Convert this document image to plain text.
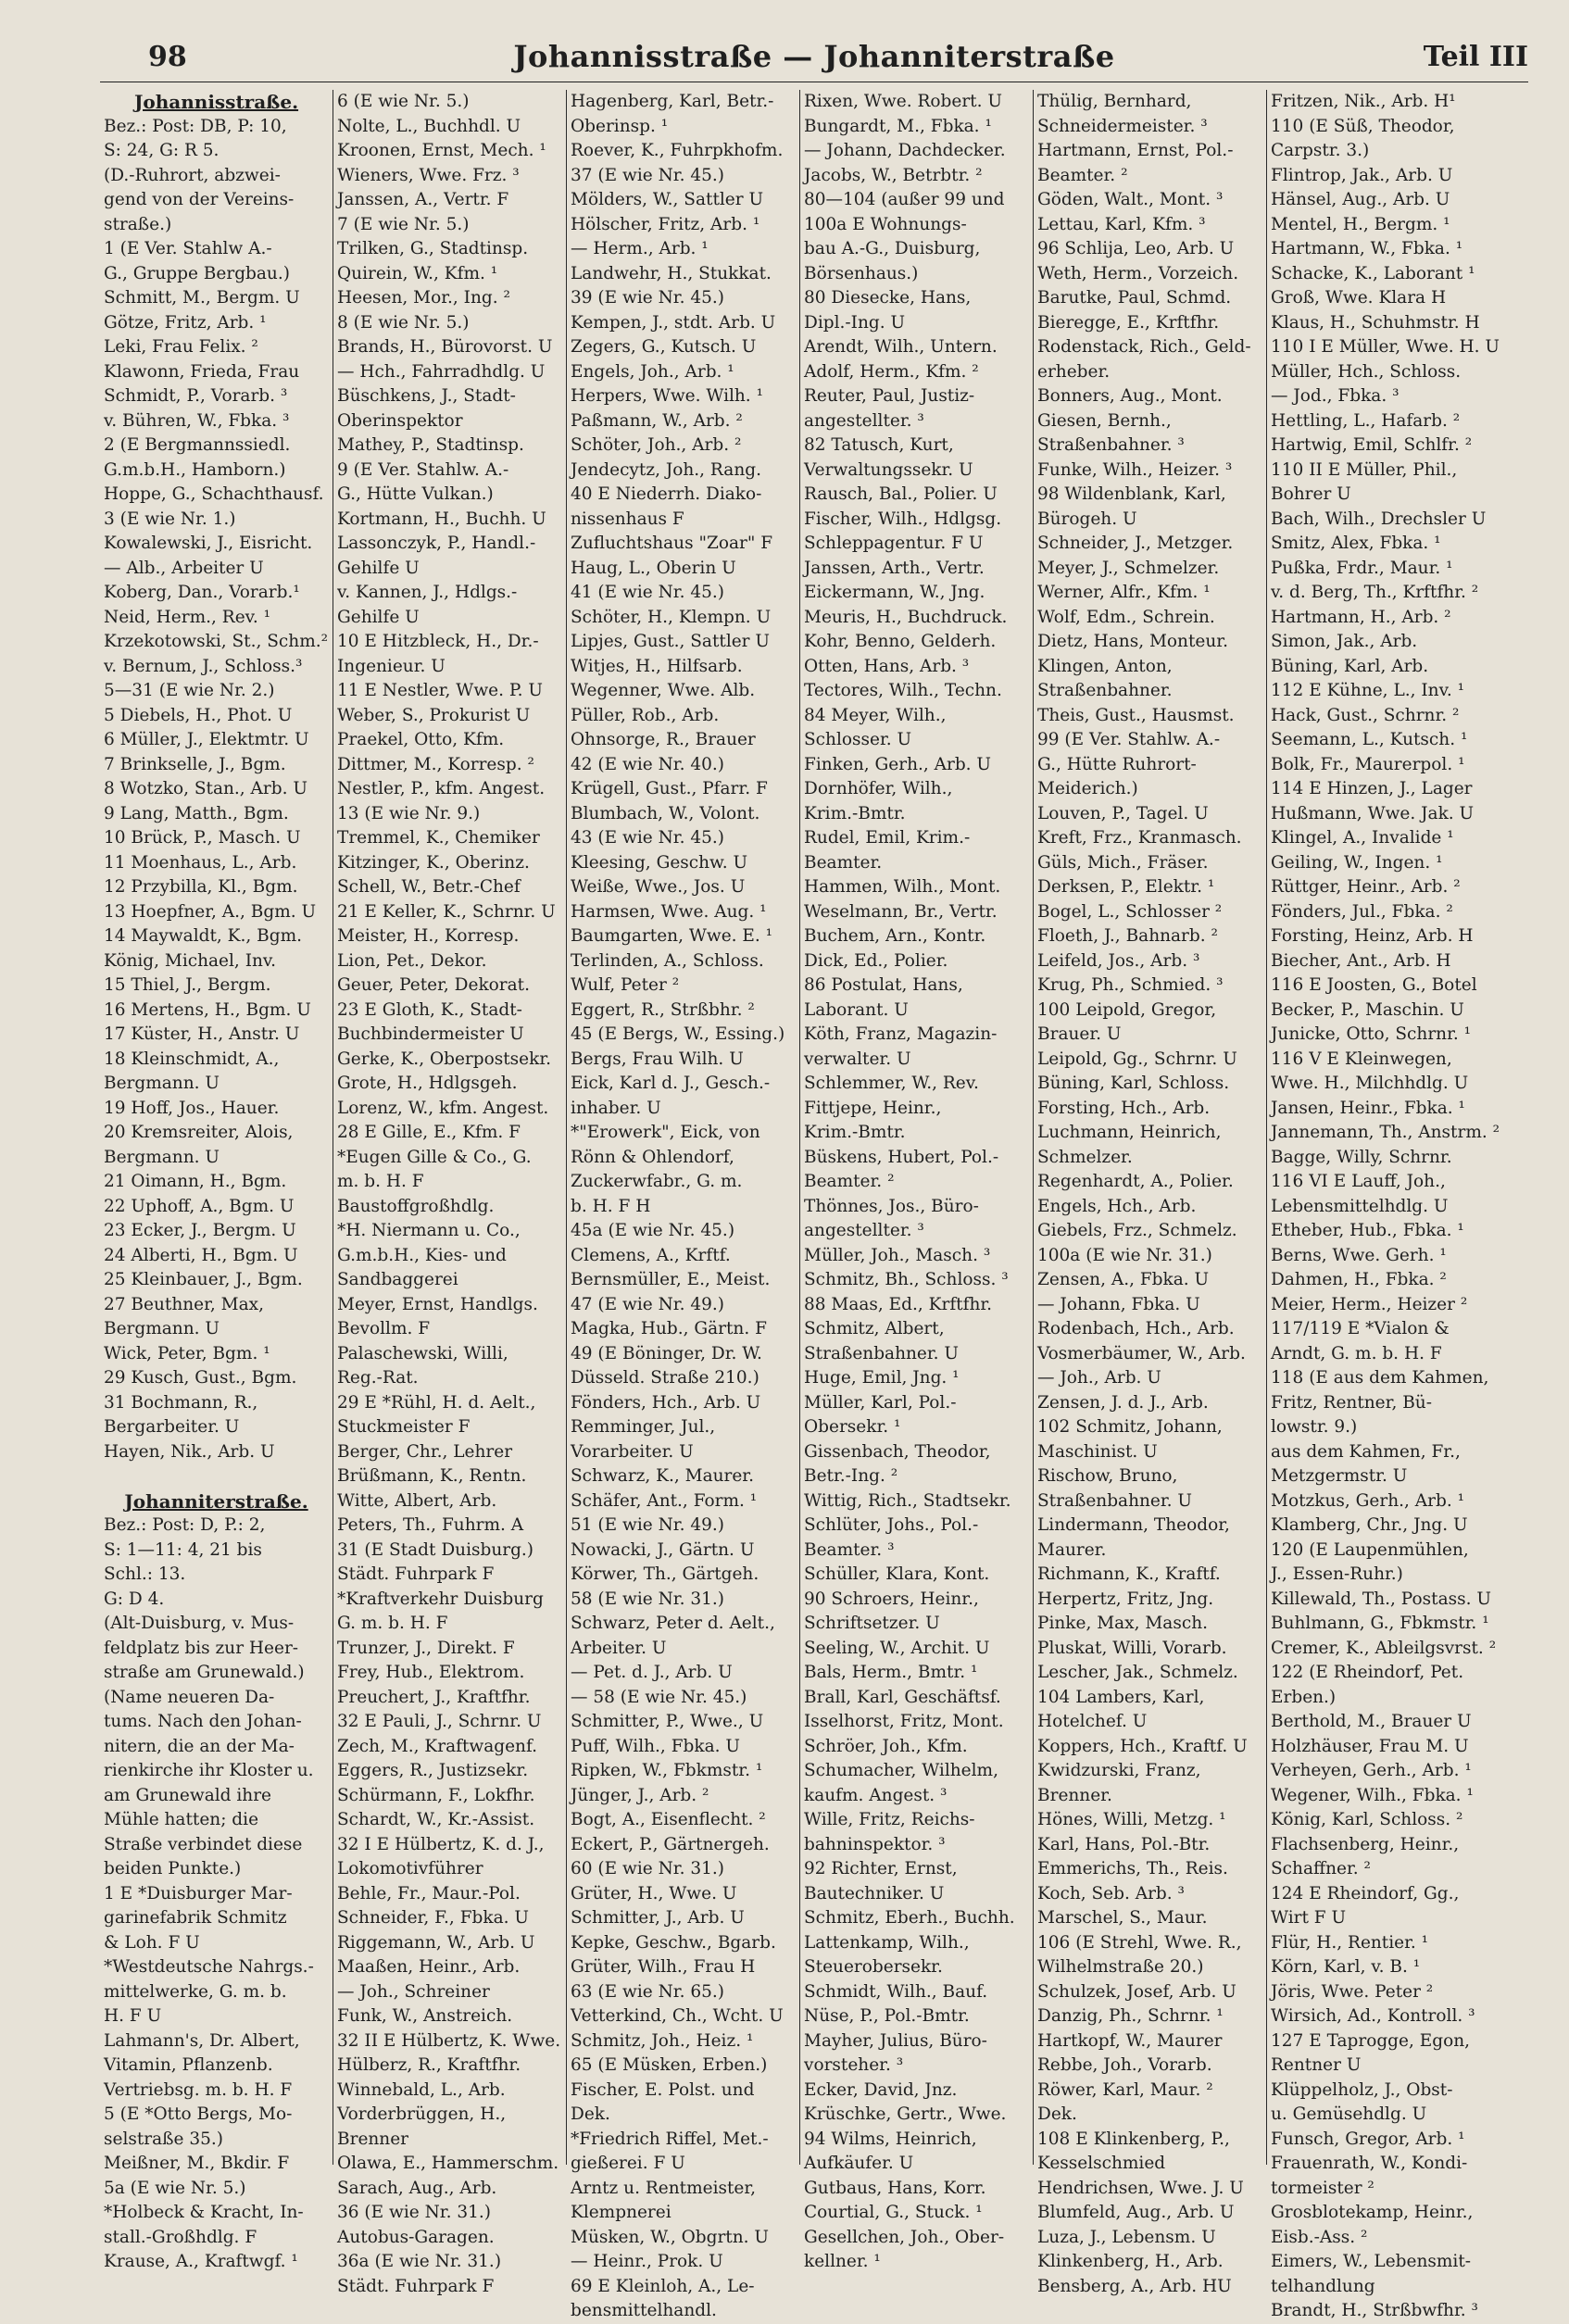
98	Johannisstraße — Johanniterstraße	Teil III
Johannisstraße.
Bez.: Post: DB, P: 10,
S: 24, G: R 5.
(D.-Ruhrort, abzwei-
gend von der Vereins-
straße.)
1 (E Ver. Stahlw A.-
G., Gruppe Bergbau.)
Schmitt, M., Bergm. U
Götze, Fritz, Arb. ¹
Leki, Frau Felix. ²
Klawonn, Frieda, Frau
Schmidt, P., Vorarb. ³
v. Bühren, W., Fbka. ³
2 (E Bergmannssiedl.
G.m.b.H., Hamborn.)
Hoppe, G., Schachthausf.
3 (E wie Nr. 1.)
Kowalewski, J., Eisricht.
— Alb., Arbeiter U
Koberg, Dan., Vorarb.¹
Neid, Herm., Rev. ¹
Krzekotowski, St., Schm.²
v. Bernum, J., Schloss.³
5—31 (E wie Nr. 2.)
5 Diebels, H., Phot. U
6 Müller, J., Elektmtr. U
7 Brinkselle, J., Bgm.
8 Wotzko, Stan., Arb. U
9 Lang, Matth., Bgm.
10 Brück, P., Masch. U
11 Moenhaus, L., Arb.
12 Przybilla, Kl., Bgm.
13 Hoepfner, A., Bgm. U
14 Maywaldt, K., Bgm.
König, Michael, Inv.
15 Thiel, J., Bergm.
16 Mertens, H., Bgm. U
17 Küster, H., Anstr. U
18 Kleinschmidt, A.,
Bergmann. U
19 Hoff, Jos., Hauer.
20 Kremsreiter, Alois,
Bergmann. U
21 Oimann, H., Bgm.
22 Uphoff, A., Bgm. U
23 Ecker, J., Bergm. U
24 Alberti, H., Bgm. U
25 Kleinbauer, J., Bgm.
27 Beuthner, Max,
Bergmann. U
Wick, Peter, Bgm. ¹
29 Kusch, Gust., Bgm.
31 Bochmann, R.,
Bergarbeiter. U
Hayen, Nik., Arb. U
Johanniterstraße.
Bez.: Post: D, P.: 2,
S: 1—11: 4, 21 bis
Schl.: 13.
G: D 4.
(Alt-Duisburg, v. Mus-
feldplatz bis zur Heer-
straße am Grunewald.)
(Name neueren Da-
tums. Nach den Johan-
nitern, die an der Ma-
rienkirche ihr Kloster u.
am Grunewald ihre
Mühle hatten; die
Straße verbindet diese
beiden Punkte.)
1 E *Duisburger Mar-
garinefabrik Schmitz
& Loh. F U
*Westdeutsche Nahrgs.-
mittelwerke, G. m. b.
H. F U
Lahmann's, Dr. Albert,
Vitamin, Pflanzenb.
Vertriebsg. m. b. H. F
5 (E *Otto Bergs, Mo-
selstraße 35.)
Meißner, M., Bkdir. F
5a (E wie Nr. 5.)
*Holbeck & Kracht, In-
stall.-Großhdlg. F
Krause, A., Kraftwgf. ¹
6 (E wie Nr. 5.)
Nolte, L., Buchhdl. U
Kroonen, Ernst, Mech. ¹
Wieners, Wwe. Frz. ³
Janssen, A., Vertr. F
7 (E wie Nr. 5.)
Trilken, G., Stadtinsp.
Quirein, W., Kfm. ¹
Heesen, Mor., Ing. ²
8 (E wie Nr. 5.)
Brands, H., Bürovorst. U
— Hch., Fahrradhdlg. U
Büschkens, J., Stadt-
Oberinspektor
Mathey, P., Stadtinsp.
9 (E Ver. Stahlw. A.-
G., Hütte Vulkan.)
Kortmann, H., Buchh. U
Lassonczyk, P., Handl.-
Gehilfe U
v. Kannen, J., Hdlgs.-
Gehilfe U
10 E Hitzbleck, H., Dr.-
Ingenieur. U
11 E Nestler, Wwe. P. U
Weber, S., Prokurist U
Praekel, Otto, Kfm.
Dittmer, M., Korresp. ²
Nestler, P., kfm. Angest.
13 (E wie Nr. 9.)
Tremmel, K., Chemiker
Kitzinger, K., Oberinz.
Schell, W., Betr.-Chef
21 E Keller, K., Schrnr. U
Meister, H., Korresp.
Lion, Pet., Dekor.
Geuer, Peter, Dekorat.
23 E Gloth, K., Stadt-
Buchbindermeister U
Gerke, K., Oberpostsekr.
Grote, H., Hdlgsgeh.
Lorenz, W., kfm. Angest.
28 E Gille, E., Kfm. F
*Eugen Gille & Co., G.
m. b. H. F
Baustoffgroßhdlg.
*H. Niermann u. Co.,
G.m.b.H., Kies- und
Sandbaggerei
Meyer, Ernst, Handlgs.
Bevollm. F
Palaschewski, Willi,
Reg.-Rat.
29 E *Rühl, H. d. Aelt.,
Stuckmeister F
Berger, Chr., Lehrer
Brüßmann, K., Rentn.
Witte, Albert, Arb.
Peters, Th., Fuhrm. A
31 (E Stadt Duisburg.)
Städt. Fuhrpark F
*Kraftverkehr Duisburg
G. m. b. H. F
Trunzer, J., Direkt. F
Frey, Hub., Elektrom.
Preuchert, J., Kraftfhr.
32 E Pauli, J., Schrnr. U
Zech, M., Kraftwagenf.
Eggers, R., Justizsekr.
Schürmann, F., Lokfhr.
Schardt, W., Kr.-Assist.
32 I E Hülbertz, K. d. J.,
Lokomotivführer
Behle, Fr., Maur.-Pol.
Schneider, F., Fbka. U
Riggemann, W., Arb. U
Maaßen, Heinr., Arb.
— Joh., Schreiner
Funk, W., Anstreich.
32 II E Hülbertz, K. Wwe.
Hülberz, R., Kraftfhr.
Winnebald, L., Arb.
Vorderbrüggen, H.,
Brenner
Olawa, E., Hammerschm.
Sarach, Aug., Arb.
36 (E wie Nr. 31.)
Autobus-Garagen.
36a (E wie Nr. 31.)
Städt. Fuhrpark F
Hagenberg, Karl, Betr.-
Oberinsp. ¹
Roever, K., Fuhrpkhofm.
37 (E wie Nr. 45.)
Mölders, W., Sattler U
Hölscher, Fritz, Arb. ¹
— Herm., Arb. ¹
Landwehr, H., Stukkat.
39 (E wie Nr. 45.)
Kempen, J., stdt. Arb. U
Zegers, G., Kutsch. U
Engels, Joh., Arb. ¹
Herpers, Wwe. Wilh. ¹
Paßmann, W., Arb. ²
Schöter, Joh., Arb. ²
Jendecytz, Joh., Rang.
40 E Niederrh. Diako-
nissenhaus F
Zufluchtshaus "Zoar" F
Haug, L., Oberin U
41 (E wie Nr. 45.)
Schöter, H., Klempn. U
Lipjes, Gust., Sattler U
Witjes, H., Hilfsarb.
Wegenner, Wwe. Alb.
Püller, Rob., Arb.
Ohnsorge, R., Brauer
42 (E wie Nr. 40.)
Krügell, Gust., Pfarr. F
Blumbach, W., Volont.
43 (E wie Nr. 45.)
Kleesing, Geschw. U
Weiße, Wwe., Jos. U
Harmsen, Wwe. Aug. ¹
Baumgarten, Wwe. E. ¹
Terlinden, A., Schloss.
Wulf, Peter ²
Eggert, R., Strßbhr. ²
45 (E Bergs, W., Essing.)
Bergs, Frau Wilh. U
Eick, Karl d. J., Gesch.-
inhaber. U
*"Erowerk", Eick, von
Rönn & Ohlendorf,
Zuckerwfabr., G. m.
b. H. F H
45a (E wie Nr. 45.)
Clemens, A., Krftf.
Bernsmüller, E., Meist.
47 (E wie Nr. 49.)
Magka, Hub., Gärtn. F
49 (E Böninger, Dr. W.
Düsseld. Straße 210.)
Fönders, Hch., Arb. U
Remminger, Jul.,
Vorarbeiter. U
Schwarz, K., Maurer.
Schäfer, Ant., Form. ¹
51 (E wie Nr. 49.)
Nowacki, J., Gärtn. U
Körwer, Th., Gärtgeh.
58 (E wie Nr. 31.)
Schwarz, Peter d. Aelt.,
Arbeiter. U
— Pet. d. J., Arb. U
— 58 (E wie Nr. 45.)
Schmitter, P., Wwe., U
Puff, Wilh., Fbka. U
Ripken, W., Fbkmstr. ¹
Jünger, J., Arb. ²
Bogt, A., Eisenflecht. ²
Eckert, P., Gärtnergeh.
60 (E wie Nr. 31.)
Grüter, H., Wwe. U
Schmitter, J., Arb. U
Kepke, Geschw., Bgarb.
Grüter, Wilh., Frau H
63 (E wie Nr. 65.)
Vetterkind, Ch., Wcht. U
Schmitz, Joh., Heiz. ¹
65 (E Müsken, Erben.)
Fischer, E. Polst. und
Dek.
*Friedrich Riffel, Met.-
gießerei. F U
Arntz u. Rentmeister,
Klempnerei
Müsken, W., Obgrtn. U
— Heinr., Prok. U
69 E Kleinloh, A., Le-
bensmittelhandl.
Rixen, Wwe. Robert. U
Bungardt, M., Fbka. ¹
— Johann, Dachdecker.
Jacobs, W., Betrbtr. ²
80—104 (außer 99 und
100a E Wohnungs-
bau A.-G., Duisburg,
Börsenhaus.)
80 Diesecke, Hans,
Dipl.-Ing. U
Arendt, Wilh., Untern.
Adolf, Herm., Kfm. ²
Reuter, Paul, Justiz-
angestellter. ³
82 Tatusch, Kurt,
Verwaltungssekr. U
Rausch, Bal., Polier. U
Fischer, Wilh., Hdlgsg.
Schleppagentur. F U
Janssen, Arth., Vertr.
Eickermann, W., Jng.
Meuris, H., Buchdruck.
Kohr, Benno, Gelderh.
Otten, Hans, Arb. ³
Tectores, Wilh., Techn.
84 Meyer, Wilh.,
Schlosser. U
Finken, Gerh., Arb. U
Dornhöfer, Wilh.,
Krim.-Bmtr.
Rudel, Emil, Krim.-
Beamter.
Hammen, Wilh., Mont.
Weselmann, Br., Vertr.
Buchem, Arn., Kontr.
Dick, Ed., Polier.
86 Postulat, Hans,
Laborant. U
Köth, Franz, Magazin-
verwalter. U
Schlemmer, W., Rev.
Fittjepe, Heinr.,
Krim.-Bmtr.
Büskens, Hubert, Pol.-
Beamter. ²
Thönnes, Jos., Büro-
angestellter. ³
Müller, Joh., Masch. ³
Schmitz, Bh., Schloss. ³
88 Maas, Ed., Krftfhr.
Schmitz, Albert,
Straßenbahner. U
Huge, Emil, Jng. ¹
Müller, Karl, Pol.-
Obersekr. ¹
Gissenbach, Theodor,
Betr.-Ing. ²
Wittig, Rich., Stadtsekr.
Schlüter, Johs., Pol.-
Beamter. ³
Schüller, Klara, Kont.
90 Schroers, Heinr.,
Schriftsetzer. U
Seeling, W., Archit. U
Bals, Herm., Bmtr. ¹
Brall, Karl, Geschäftsf.
Isselhorst, Fritz, Mont.
Schröer, Joh., Kfm.
Schumacher, Wilhelm,
kaufm. Angest. ³
Wille, Fritz, Reichs-
bahninspektor. ³
92 Richter, Ernst,
Bautechniker. U
Schmitz, Eberh., Buchh.
Lattenkamp, Wilh.,
Steuerobersekr.
Schmidt, Wilh., Bauf.
Nüse, P., Pol.-Bmtr.
Mayher, Julius, Büro-
vorsteher. ³
Ecker, David, Jnz.
Krüschke, Gertr., Wwe.
94 Wilms, Heinrich,
Aufkäufer. U
Gutbaus, Hans, Korr.
Courtial, G., Stuck. ¹
Gesellchen, Joh., Ober-
kellner. ¹
Thülig, Bernhard,
Schneidermeister. ³
Hartmann, Ernst, Pol.-
Beamter. ²
Göden, Walt., Mont. ³
Lettau, Karl, Kfm. ³
96 Schlija, Leo, Arb. U
Weth, Herm., Vorzeich.
Barutke, Paul, Schmd.
Bieregge, E., Krftfhr.
Rodenstack, Rich., Geld-
erheber.
Bonners, Aug., Mont.
Giesen, Bernh.,
Straßenbahner. ³
Funke, Wilh., Heizer. ³
98 Wildenblank, Karl,
Bürogeh. U
Schneider, J., Metzger.
Meyer, J., Schmelzer.
Werner, Alfr., Kfm. ¹
Wolf, Edm., Schrein.
Dietz, Hans, Monteur.
Klingen, Anton,
Straßenbahner.
Theis, Gust., Hausmst.
99 (E Ver. Stahlw. A.-
G., Hütte Ruhrort-
Meiderich.)
Louven, P., Tagel. U
Kreft, Frz., Kranmasch.
Güls, Mich., Fräser.
Derksen, P., Elektr. ¹
Bogel, L., Schlosser ²
Floeth, J., Bahnarb. ²
Leifeld, Jos., Arb. ³
Krug, Ph., Schmied. ³
100 Leipold, Gregor,
Brauer. U
Leipold, Gg., Schrnr. U
Büning, Karl, Schloss.
Forsting, Hch., Arb.
Luchmann, Heinrich,
Schmelzer.
Regenhardt, A., Polier.
Engels, Hch., Arb.
Giebels, Frz., Schmelz.
100a (E wie Nr. 31.)
Zensen, A., Fbka. U
— Johann, Fbka. U
Rodenbach, Hch., Arb.
Vosmerbäumer, W., Arb.
— Joh., Arb. U
Zensen, J. d. J., Arb.
102 Schmitz, Johann,
Maschinist. U
Rischow, Bruno,
Straßenbahner. U
Lindermann, Theodor,
Maurer.
Richmann, K., Kraftf.
Herpertz, Fritz, Jng.
Pinke, Max, Masch.
Pluskat, Willi, Vorarb.
Lescher, Jak., Schmelz.
104 Lambers, Karl,
Hotelchef. U
Koppers, Hch., Kraftf. U
Kwidzurski, Franz,
Brenner.
Hönes, Willi, Metzg. ¹
Karl, Hans, Pol.-Btr.
Emmerichs, Th., Reis.
Koch, Seb. Arb. ³
Marschel, S., Maur.
106 (E Strehl, Wwe. R.,
Wilhelmstraße 20.)
Schulzek, Josef, Arb. U
Danzig, Ph., Schrnr. ¹
Hartkopf, W., Maurer
Rebbe, Joh., Vorarb.
Röwer, Karl, Maur. ²
Dek.
108 E Klinkenberg, P.,
Kesselschmied
Hendrichsen, Wwe. J. U
Blumfeld, Aug., Arb. U
Luza, J., Lebensm. U
Klinkenberg, H., Arb.
Bensberg, A., Arb. HU
Fritzen, Nik., Arb. H¹
110 (E Süß, Theodor,
Carpstr. 3.)
Flintrop, Jak., Arb. U
Hänsel, Aug., Arb. U
Mentel, H., Bergm. ¹
Hartmann, W., Fbka. ¹
Schacke, K., Laborant ¹
Groß, Wwe. Klara H
Klaus, H., Schuhmstr. H
110 I E Müller, Wwe. H. U
Müller, Hch., Schloss.
— Jod., Fbka. ³
Hettling, L., Hafarb. ²
Hartwig, Emil, Schlfr. ²
110 II E Müller, Phil.,
Bohrer U
Bach, Wilh., Drechsler U
Smitz, Alex, Fbka. ¹
Pußka, Frdr., Maur. ¹
v. d. Berg, Th., Krftfhr. ²
Hartmann, H., Arb. ²
Simon, Jak., Arb.
Büning, Karl, Arb.
112 E Kühne, L., Inv. ¹
Hack, Gust., Schrnr. ²
Seemann, L., Kutsch. ¹
Bolk, Fr., Maurerpol. ¹
114 E Hinzen, J., Lager
Hußmann, Wwe. Jak. U
Klingel, A., Invalide ¹
Geiling, W., Ingen. ¹
Rüttger, Heinr., Arb. ²
Fönders, Jul., Fbka. ²
Forsting, Heinz, Arb. H
Biecher, Ant., Arb. H
116 E Joosten, G., Botel
Becker, P., Maschin. U
Junicke, Otto, Schrnr. ¹
116 V E Kleinwegen,
Wwe. H., Milchhdlg. U
Jansen, Heinr., Fbka. ¹
Jannemann, Th., Anstrm. ²
Bagge, Willy, Schrnr.
116 VI E Lauff, Joh.,
Lebensmittelhdlg. U
Etheber, Hub., Fbka. ¹
Berns, Wwe. Gerh. ¹
Dahmen, H., Fbka. ²
Meier, Herm., Heizer ²
117/119 E *Vialon &
Arndt, G. m. b. H. F
118 (E aus dem Kahmen,
Fritz, Rentner, Bü-
lowstr. 9.)
aus dem Kahmen, Fr.,
Metzgermstr. U
Motzkus, Gerh., Arb. ¹
Klamberg, Chr., Jng. U
120 (E Laupenmühlen,
J., Essen-Ruhr.)
Killewald, Th., Postass. U
Buhlmann, G., Fbkmstr. ¹
Cremer, K., Ableilgsvrst. ²
122 (E Rheindorf, Pet.
Erben.)
Berthold, M., Brauer U
Holzhäuser, Frau M. U
Verheyen, Gerh., Arb. ¹
Wegener, Wilh., Fbka. ¹
König, Karl, Schloss. ²
Flachsenberg, Heinr.,
Schaffner. ²
124 E Rheindorf, Gg.,
Wirt F U
Flür, H., Rentier. ¹
Körn, Karl, v. B. ¹
Jöris, Wwe. Peter ²
Wirsich, Ad., Kontroll. ³
127 E Taprogge, Egon,
Rentner U
Klüppelholz, J., Obst-
u. Gemüsehdlg. U
Funsch, Gregor, Arb. ¹
Frauenrath, W., Kondi-
tormeister ²
Grosblotekamp, Heinr.,
Eisb.-Ass. ²
Eimers, W., Lebensmit-
telhandlung
Brandt, H., Strßbwfhr. ³
